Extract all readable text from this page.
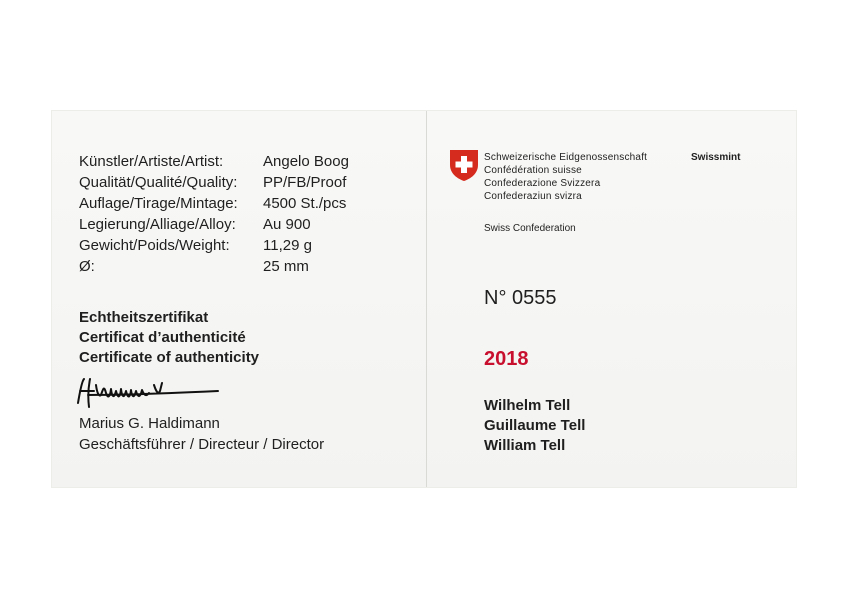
Künstler/Artiste/Artist:	Angelo Boog
Qualität/Qualité/Quality: PP/FB/Proof
Auflage/Tirage/Mintage: 4500 St./pcs
Legierung/Alliage/Alloy: Au 900
Gewicht/Poids/Weight: 11,29 g
Ø:	25 mm
Echtheitszertifikat
Certificat d’authenticité
Certificate of authenticity
Marius G. Haldimann
Geschäftsführer / Directeur / Director
Schweizerische Eidgenossenschaft
Confédération suisse
Confederazione Svizzera
Confederaziun svizra
Swissmint
Swiss Confederation
N° 0555
2018
Wilhelm Tell
Guillaume Tell
William Tell
